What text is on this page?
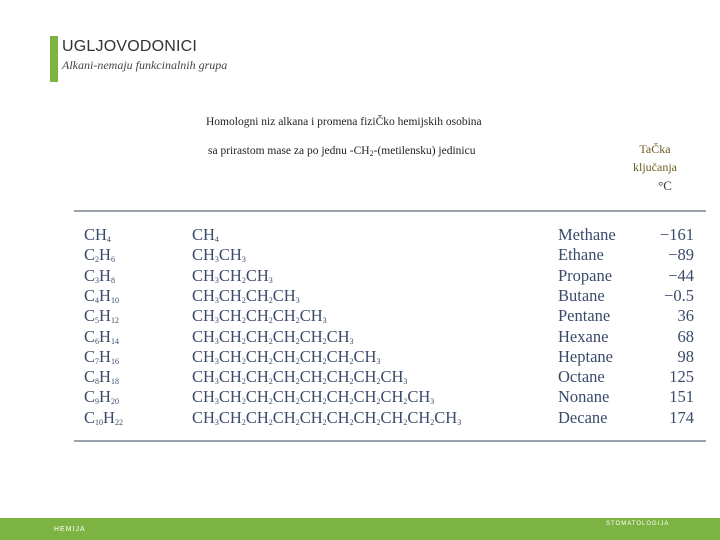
UGLJOVODONICI
Alkani-nemaju funkcinalnih grupa
Homologni niz alkana i promena fiziČko hemijskih osobina
sa prirastom mase za po jednu $-CH_2-(metilensku)$ jedinicu	TaČka
ključanja
°C
$CH_4$	$CH_4$	Methane	−161
$C_2H_6$	$CH_3CH_3$	Ethane	−89
$C_3H_8$	$CH_3CH_2CH_3$	Propane	−44
$C_4H_{10}$	$CH_3CH_2CH_2CH_3$	Butane	−0.5
$C_5H_{12}$	$CH_3CH_2CH_2CH_2CH_3$	Pentane	36
$C_6H_{14}$	$CH_3CH_2CH_2CH_2CH_2CH_3$	Hexane	68
$C_7H_{16}$	$CH_3CH_2CH_2CH_2CH_2CH_2CH_3$	Heptane	98
$C_8H_{18}$	$CH_3CH_2CH_2CH_2CH_2CH_2CH_2CH_3$	Octane	125
$C_9H_{20}$	$CH_3CH_2CH_2CH_2CH_2CH_2CH_2CH_2CH_3$	Nonane	151
$C_{10}H_{22}$	$CH_3CH_2CH_2CH_2CH_2CH_2CH_2CH_2CH_2CH_3$	Decane	174
HEMIJA
STOMATOLOGIJA
